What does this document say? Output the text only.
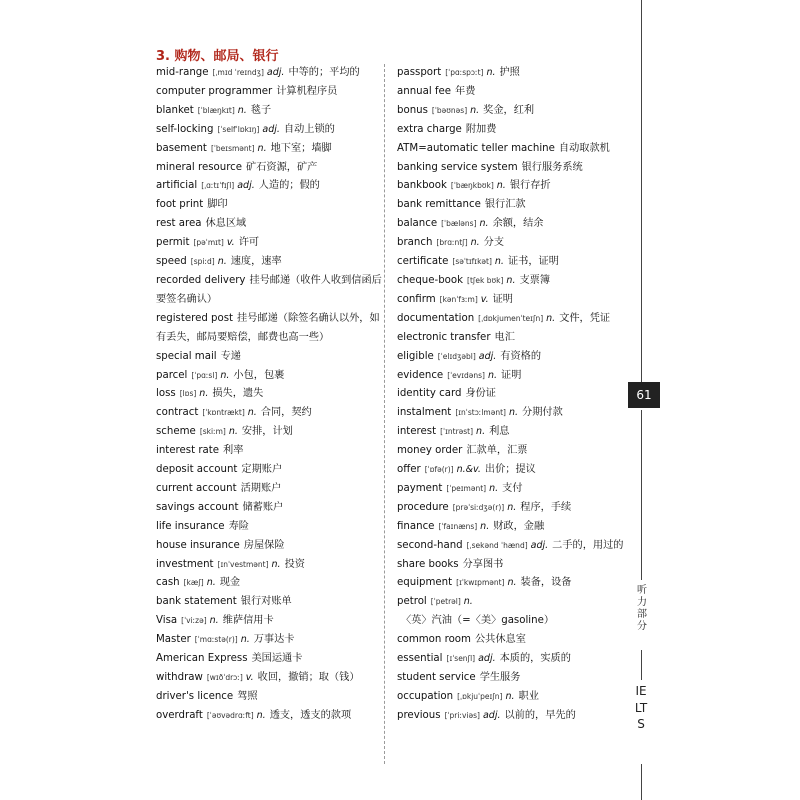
3. 购物、邮局、银行
mid-range [ˌmɪd ˈreɪndʒ] adj. 中等的；平均的
computer programmer 计算机程序员
blanket [ˈblæŋkɪt] n. 毯子
self-locking [ˈselfˈlɒkɪŋ] adj. 自动上锁的
basement [ˈbeɪsmənt] n. 地下室；墙脚
mineral resource 矿石资源，矿产
artificial [ˌɑːtɪˈfɪʃl] adj. 人造的；假的
foot print 脚印
rest area 休息区域
permit [pəˈmɪt] v. 许可
speed [spiːd] n. 速度，速率
recorded delivery 挂号邮递（收件人收到信函后要签名确认）
registered post 挂号邮递（除签名确认以外，如有丢失，邮局要赔偿，邮费也高一些）
special mail 专递
parcel [ˈpɑːsl] n. 小包，包裹
loss [lɒs] n. 损失，遗失
contract [ˈkɒntrækt] n. 合同，契约
scheme [skiːm] n. 安排，计划
interest rate 利率
deposit account 定期账户
current account 活期账户
savings account 储蓄账户
life insurance 寿险
house insurance 房屋保险
investment [ɪnˈvestmənt] n. 投资
cash [kæʃ] n. 现金
bank statement 银行对账单
Visa [ˈviːzə] n. 维萨信用卡
Master [ˈmɑːstə(r)] n. 万事达卡
American Express 美国运通卡
withdraw [wɪðˈdrɔː] v. 收回，撤销；取（钱）
driver's licence 驾照
overdraft [ˈəʊvədrɑːft] n. 透支，透支的款项
passport [ˈpɑːspɔːt] n. 护照
annual fee 年费
bonus [ˈbəʊnəs] n. 奖金，红利
extra charge 附加费
ATM=automatic teller machine 自动取款机
banking service system 银行服务系统
bankbook [ˈbæŋkbʊk] n. 银行存折
bank remittance 银行汇款
balance [ˈbæləns] n. 余额，结余
branch [brɑːntʃ] n. 分支
certificate [səˈtɪfɪkət] n. 证书，证明
cheque-book [tʃek bʊk] n. 支票簿
confirm [kənˈfɜːm] v. 证明
documentation [ˌdɒkjumenˈteɪʃn] n. 文件，凭证
electronic transfer 电汇
eligible [ˈelɪdʒəbl] adj. 有资格的
evidence [ˈevɪdəns] n. 证明
identity card 身份证
instalment [ɪnˈstɔːlmənt] n. 分期付款
interest [ˈɪntrəst] n. 利息
money order 汇款单，汇票
offer [ˈɒfə(r)] n.&v. 出价；提议
payment [ˈpeɪmənt] n. 支付
procedure [prəˈsiːdʒə(r)] n. 程序，手续
finance [ˈfaɪnæns] n. 财政，金融
second-hand [ˌsekənd ˈhænd] adj. 二手的，用过的
share books 分享图书
equipment [ɪˈkwɪpmənt] n. 装备，设备
petrol [ˈpetrəl] n.〈英〉汽油（=〈美〉gasoline）
common room 公共休息室
essential [ɪˈsenʃl] adj. 本质的，实质的
student service 学生服务
occupation [ˌɒkjuˈpeɪʃn] n. 职业
previous [ˈpriːviəs] adj. 以前的，早先的
61
听力部分
IELTS
